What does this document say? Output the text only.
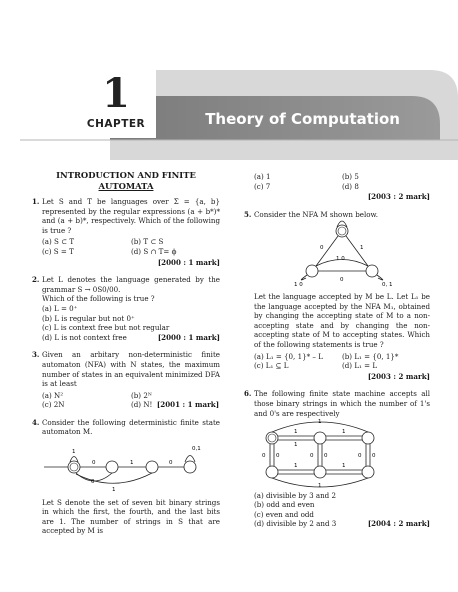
1
CHAPTER	Theory of Computation
INTRODUCTION AND FINITE
AUTOMATA
1. Let S and T be languages over Σ = {a, b} represented by the regular expressions (a + b*)* and (a + b)*, respectively. Which of the following is true ?
(a) S ⊂ T	(b) T ⊂ S
(c) S = T	(d) S ∩ T= ϕ
[2000 : 1 mark]
2. Let L denotes the language generated by the grammar S → 0S0/00.
Which of the following is true ?
(a) L = 0⁺
(b) L is regular but not 0⁺
(c) L is context free but not regular
(d) L is not context free	[2000 : 1 mark]
3. Given an arbitary non-deterministic finite automaton (NFA) with N states, the maximum number of states in an equivalent minimized DFA is at least
(a) N²	(b) 2ᴺ
(c) 2N	(d) N! [2001 : 1 mark]
4. Consider the following deterministic finite state automaton M.
1
0	1	0
0
0,1
1
Let S denote the set of seven bit binary strings in which the first, the fourth, and the last bits are 1. The number of strings in S that are accepted by M is
(a) 1	(b) 5
(c) 7	(d) 8
[2003 : 2 mark]
5. Consider the NFA M shown below.
0	1
1 0
1 0
0
0, 1
Let the language accepted by M be L. Let L₁ be the language accepted by the NFA M₁, obtained by changing the accepting state of M to a non-accepting state and by changing the non-accepting state of M to accepting states. Which of the following statements is true ?
(a) L₁ = {0, 1}* – L	(b) L₁ = {0, 1}*
(c) L₁ ⊆ L	(d) L₁ = L
[2003 : 2 mark]
6. The following finite state machine accepts all those binary strings in which the number of 1's and 0's are respectively
1	1
1	1
0 0	0 0	0 0
1
1
1
(a) divisible by 3 and 2
(b) odd and even
(c) even and odd
(d) divisible by 2 and 3	[2004 : 2 mark]
